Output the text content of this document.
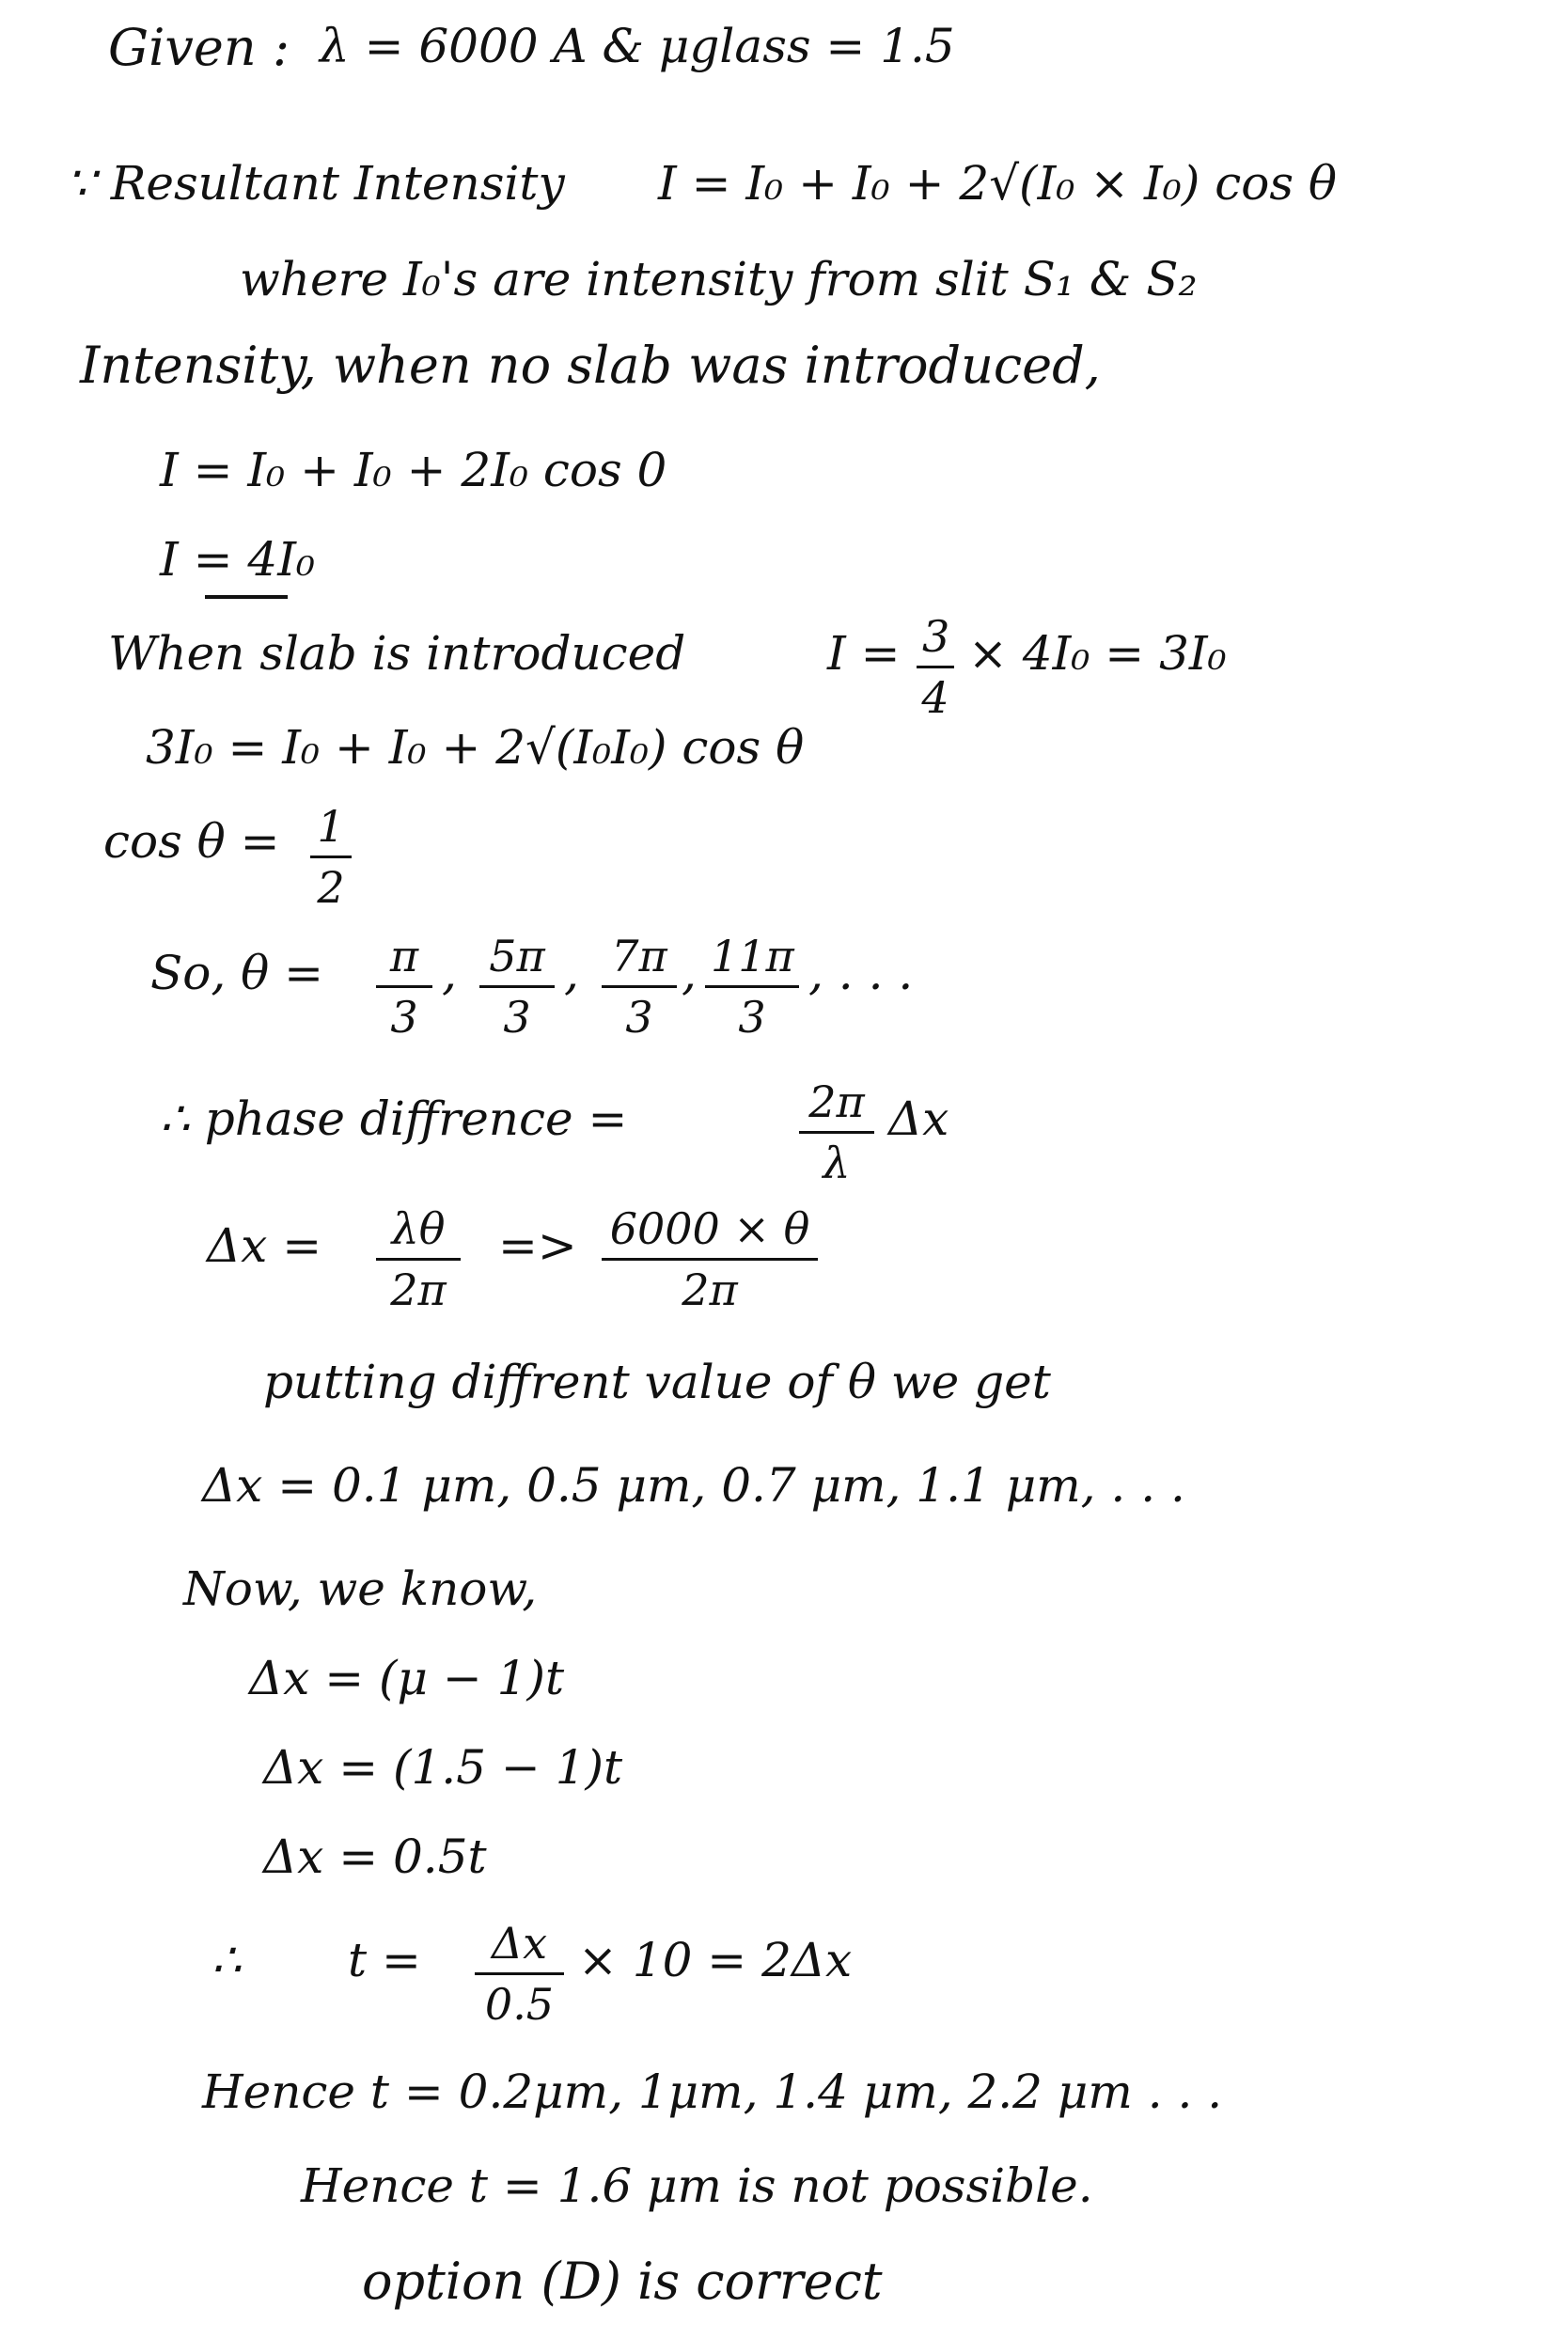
Given : λ = 6000 A & μglass = 1.5
∵ Resultant Intensity I = I₀ + I₀ + 2√(I₀ × I₀) cos θ
where I₀'s are intensity from slit S₁ & S₂
Intensity, when no slab was introduced,
I = I₀ + I₀ + 2I₀ cos 0
I = 4I₀
When slab is introduced	$I = \frac{3}{4} \times 4I_0 = 3I_0$
3I₀ = I₀ + I₀ + 2√(I₀I₀) cos θ
$\cos \theta = \frac{1}{2}$
So, $\theta = \frac{\pi}{3}$ , $\frac{5\pi}{3}$ , $\frac{7\pi}{3}$ , $\frac{11\pi}{3}$ , . . .
∴ phase diffrence =	$\frac{2\pi}{\lambda}$ Δx
$\Delta x = \frac{\lambda\theta}{2\pi} => \frac{6000 \times \theta}{2\pi}$
putting diffrent value of θ we get
Δx = 0.1 μm, 0.5 μm, 0.7 μm, 1.1 μm, . . .
Now, we know,
Δx = (μ − 1)t
Δx = (1.5 − 1)t
Δx = 0.5t
∴ $t = \frac{\Delta x}{0.5} \times 10 = 2\Delta x$
Hence t = 0.2μm, 1μm, 1.4 μm, 2.2 μm . . .
Hence t = 1.6 μm is not possible.
option (D) is correct
